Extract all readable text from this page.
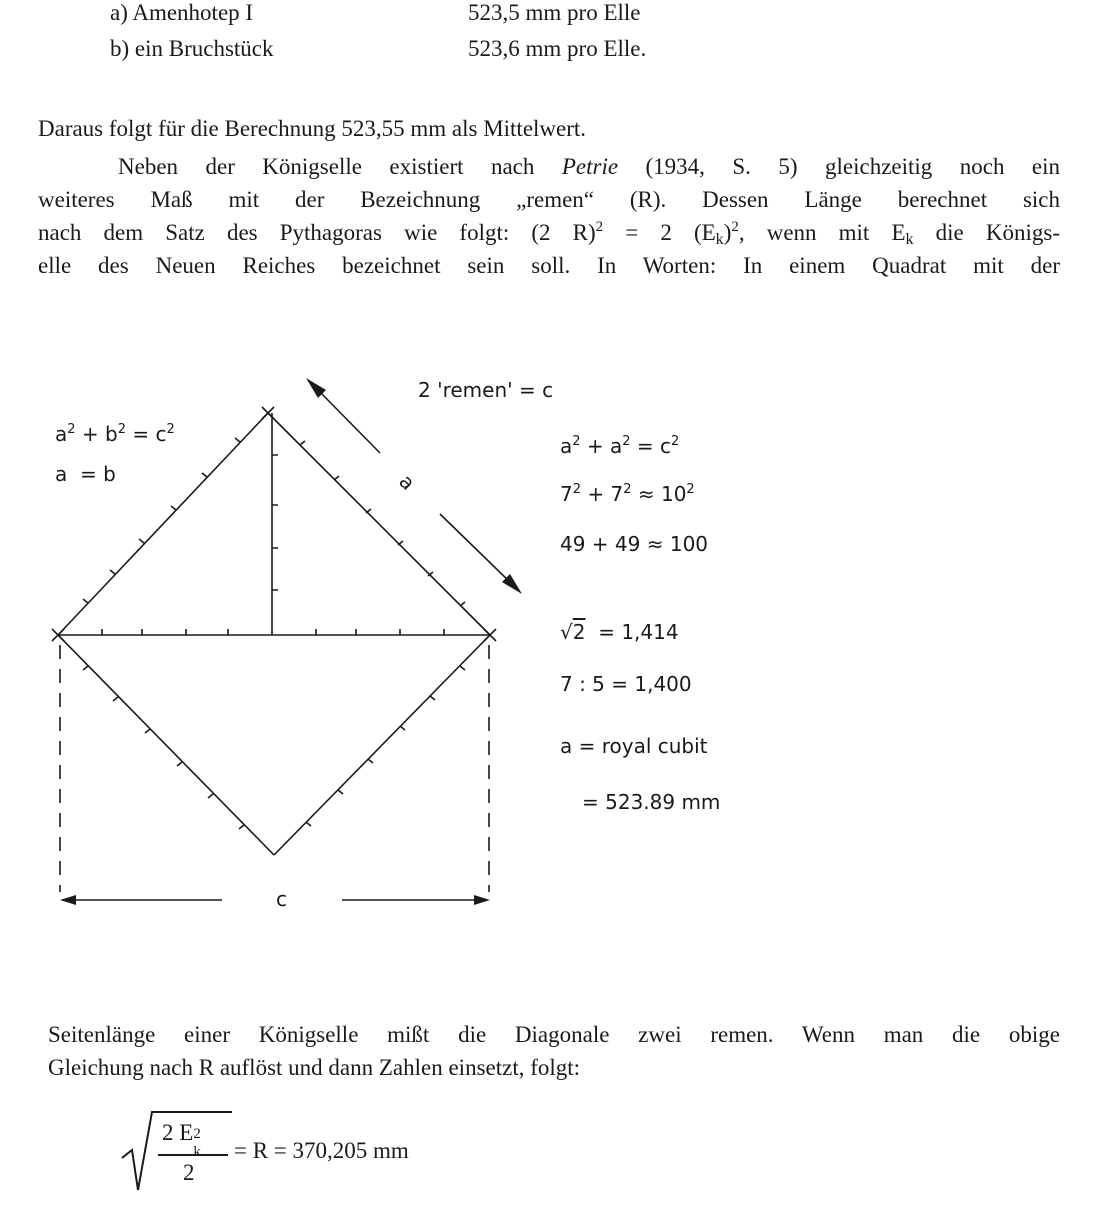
a) Amenhotep I	523,5 mm pro Elle
b) ein Bruchstück	523,6 mm pro Elle.
Daraus folgt für die Berechnung 523,55 mm als Mittelwert.
Neben der Königselle existiert nach Petrie (1934, S. 5) gleichzeitig noch ein
weiteres Maß mit der Bezeichnung „remen“ (R). Dessen Länge berechnet sich
nach dem Satz des Pythagoras wie folgt: (2 R)$^2$ = 2 $(E_k)^2$, wenn mit $E_k$ die Königs-
elle des Neuen Reiches bezeichnet sein soll. In Worten: In einem Quadrat mit der
2 'remen' = c
$a^2 + b^2 = c^2$
a  = b	a
c
$a^2 + a^2 = c^2$
$7^2 + 7^2 \approx 10^2$
49 + 49 ≈ 100
√2  = 1,414
7 : 5 = 1,400
a = royal cubit
= 523.89 mm
Seitenlänge einer Königselle mißt die Diagonale zwei remen. Wenn man die obige
Gleichung nach R auflöst und dann Zahlen einsetzt, folgt:
2 E 2
k
2
= R = 370,205 mm
